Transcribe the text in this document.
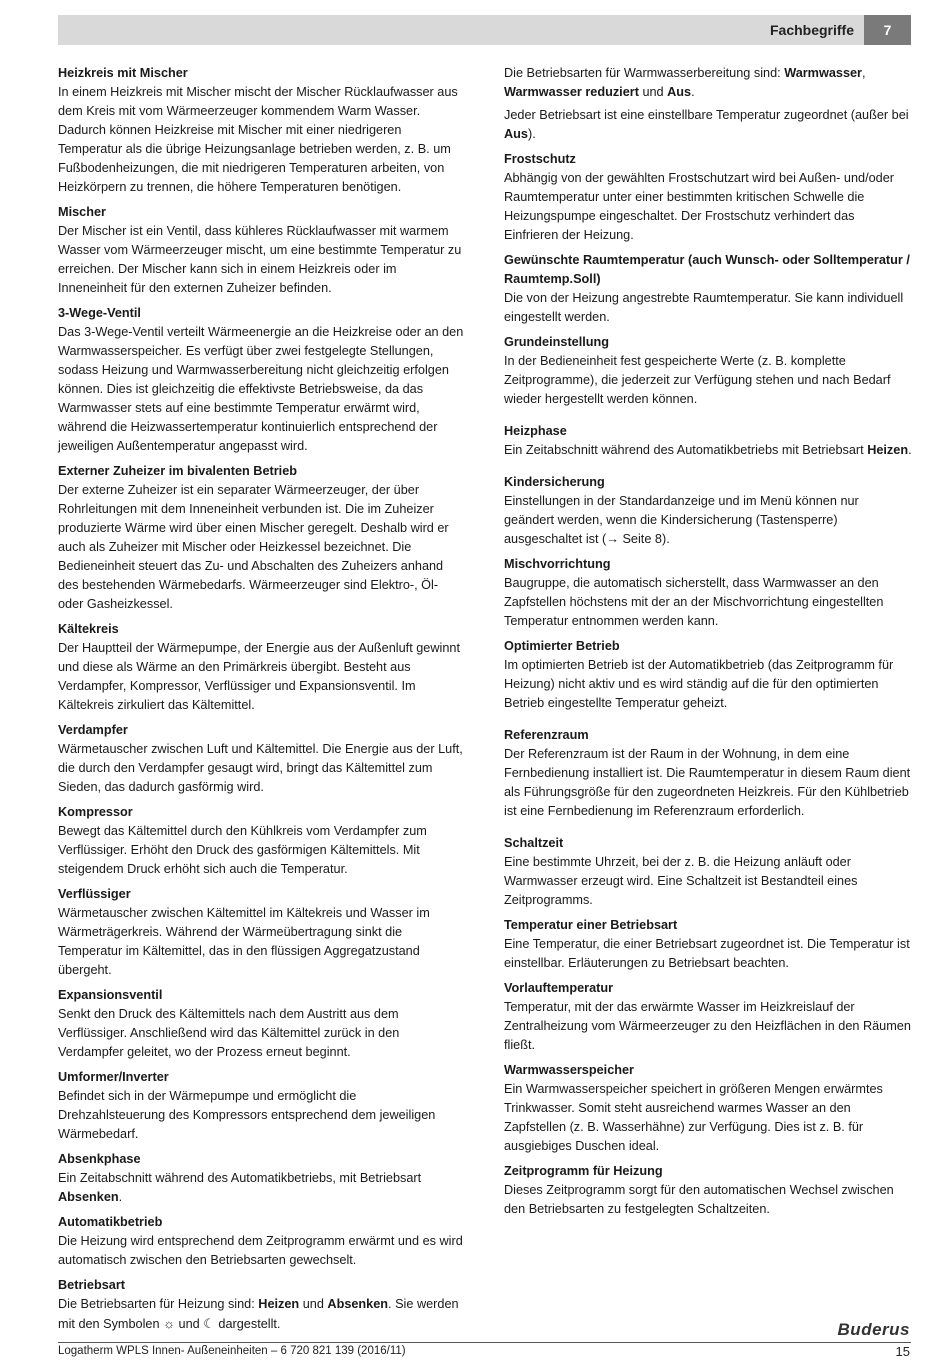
Fachbegriffe	7
Heizkreis mit Mischer

In einem Heizkreis mit Mischer mischt der Mischer Rücklaufwasser aus dem Kreis mit vom Wärmeerzeuger kommendem Warm Wasser. Dadurch können Heizkreise mit Mischer mit einer niedrigeren Temperatur als die übrige Heizungsanlage betrieben werden, z. B. um Fußbodenheizungen, die mit niedrigeren Temperaturen arbeiten, von Heizkörpern zu trennen, die höhere Temperaturen benötigen.

Mischer

Der Mischer ist ein Ventil, dass kühleres Rücklaufwasser mit warmem Wasser vom Wärmeerzeuger mischt, um eine bestimmte Temperatur zu erreichen. Der Mischer kann sich in einem Heizkreis oder im Inneneinheit für den externen Zuheizer befinden.

3-Wege-Ventil

Das 3-Wege-Ventil verteilt Wärmeenergie an die Heizkreise oder an den Warmwasserspeicher. Es verfügt über zwei festgelegte Stellungen, sodass Heizung und Warmwasserbereitung nicht gleichzeitig erfolgen können. Dies ist gleichzeitig die effektivste Betriebsweise, da das Warmwasser stets auf eine bestimmte Temperatur erwärmt wird, während die Heizwassertemperatur kontinuierlich entsprechend der jeweiligen Außentemperatur angepasst wird.

Externer Zuheizer im bivalenten Betrieb

Der externe Zuheizer ist ein separater Wärmeerzeuger, der über Rohrleitungen mit dem Inneneinheit verbunden ist. Die im Zuheizer produzierte Wärme wird über einen Mischer geregelt. Deshalb wird er auch als Zuheizer mit Mischer oder Heizkessel bezeichnet. Die Bedieneinheit steuert das Zu- und Abschalten des Zuheizers anhand des bestehenden Wärmebedarfs. Wärmeerzeuger sind Elektro-, Öl- oder Gasheizkessel.

Kältekreis

Der Hauptteil der Wärmepumpe, der Energie aus der Außenluft gewinnt und diese als Wärme an den Primärkreis übergibt. Besteht aus Verdampfer, Kompressor, Verflüssiger und Expansionsventil. Im Kältekreis zirkuliert das Kältemittel.

Verdampfer

Wärmetauscher zwischen Luft und Kältemittel. Die Energie aus der Luft, die durch den Verdampfer gesaugt wird, bringt das Kältemittel zum Sieden, das dadurch gasförmig wird.

Kompressor

Bewegt das Kältemittel durch den Kühlkreis vom Verdampfer zum Verflüssiger. Erhöht den Druck des gasförmigen Kältemittels. Mit steigendem Druck erhöht sich auch die Temperatur.

Verflüssiger

Wärmetauscher zwischen Kältemittel im Kältekreis und Wasser im Wärmeträgerkreis. Während der Wärmeübertragung sinkt die Temperatur im Kältemittel, das in den flüssigen Aggregatzustand übergeht.

Expansionsventil

Senkt den Druck des Kältemittels nach dem Austritt aus dem Verflüssiger. Anschließend wird das Kältemittel zurück in den Verdampfer geleitet, wo der Prozess erneut beginnt.

Umformer/Inverter

Befindet sich in der Wärmepumpe und ermöglicht die Drehzahlsteuerung des Kompressors entsprechend dem jeweiligen Wärmebedarf.

Absenkphase

Ein Zeitabschnitt während des Automatikbetriebs, mit Betriebsart Absenken.

Automatikbetrieb

Die Heizung wird entsprechend dem Zeitprogramm erwärmt und es wird automatisch zwischen den Betriebsarten gewechselt.

Betriebsart

Die Betriebsarten für Heizung sind: Heizen und Absenken. Sie werden mit den Symbolen ☼ und ☾ dargestellt.

Die Betriebsarten für Warmwasserbereitung sind: Warmwasser, Warmwasser reduziert und Aus.

Jeder Betriebsart ist eine einstellbare Temperatur zugeordnet (außer bei Aus).

Frostschutz

Abhängig von der gewählten Frostschutzart wird bei Außen- und/oder Raumtemperatur unter einer bestimmten kritischen Schwelle die Heizungspumpe eingeschaltet. Der Frostschutz verhindert das Einfrieren der Heizung.

Gewünschte Raumtemperatur (auch Wunsch- oder Solltemperatur / Raumtemp.Soll)

Die von der Heizung angestrebte Raumtemperatur. Sie kann individuell eingestellt werden.

Grundeinstellung

In der Bedieneinheit fest gespeicherte Werte (z. B. komplette Zeitprogramme), die jederzeit zur Verfügung stehen und nach Bedarf wieder hergestellt werden können.

Heizphase

Ein Zeitabschnitt während des Automatikbetriebs mit Betriebsart Heizen.

Kindersicherung

Einstellungen in der Standardanzeige und im Menü können nur geändert werden, wenn die Kindersicherung (Tastensperre) ausgeschaltet ist (→ Seite 8).

Mischvorrichtung

Baugruppe, die automatisch sicherstellt, dass Warmwasser an den Zapfstellen höchstens mit der an der Mischvorrichtung eingestellten Temperatur entnommen werden kann.

Optimierter Betrieb

Im optimierten Betrieb ist der Automatikbetrieb (das Zeitprogramm für Heizung) nicht aktiv und es wird ständig auf die für den optimierten Betrieb eingestellte Temperatur geheizt.

Referenzraum

Der Referenzraum ist der Raum in der Wohnung, in dem eine Fernbedienung installiert ist. Die Raumtemperatur in diesem Raum dient als Führungsgröße für den zugeordneten Heizkreis. Für den Kühlbetrieb ist eine Fernbedienung im Referenzraum erforderlich.

Schaltzeit

Eine bestimmte Uhrzeit, bei der z. B. die Heizung anläuft oder Warmwasser erzeugt wird. Eine Schaltzeit ist Bestandteil eines Zeitprogramms.

Temperatur einer Betriebsart

Eine Temperatur, die einer Betriebsart zugeordnet ist. Die Temperatur ist einstellbar. Erläuterungen zu Betriebsart beachten.

Vorlauftemperatur

Temperatur, mit der das erwärmte Wasser im Heizkreislauf der Zentralheizung vom Wärmeerzeuger zu den Heizflächen in den Räumen fließt.

Warmwasserspeicher

Ein Warmwasserspeicher speichert in größeren Mengen erwärmtes Trinkwasser. Somit steht ausreichend warmes Wasser an den Zapfstellen (z. B. Wasserhähne) zur Verfügung. Dies ist z. B. für ausgiebiges Duschen ideal.

Zeitprogramm für Heizung

Dieses Zeitprogramm sorgt für den automatischen Wechsel zwischen den Betriebsarten zu festgelegten Schaltzeiten.

Buderus
Logatherm WPLS Innen- Außeneinheiten – 6 720 821 139 (2016/11)	15
